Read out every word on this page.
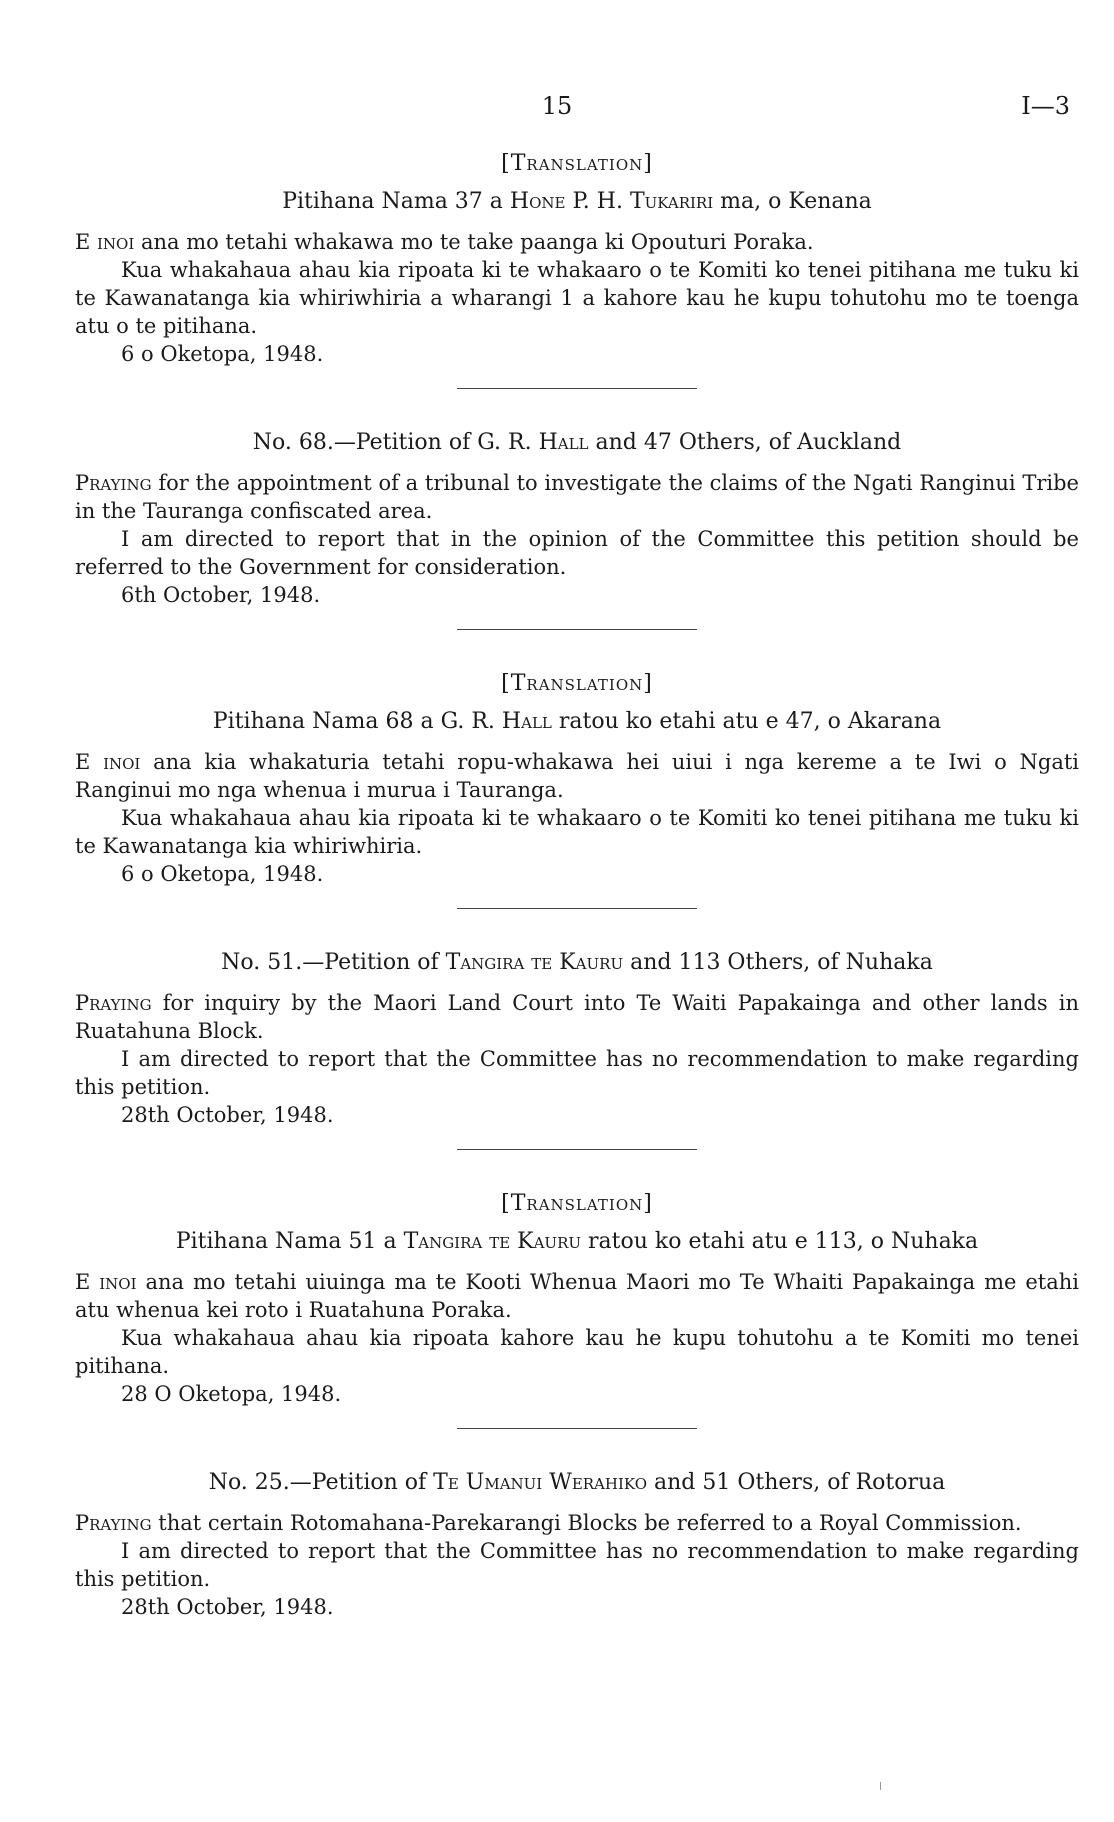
15	I—3

[Translation]

Pitihana Nama 37 a Hone P. H. Tukariri ma, o Kenana

E inoi ana mo tetahi whakawa mo te take paanga ki Opouturi Poraka.

Kua whakahaua ahau kia ripoata ki te whakaaro o te Komiti ko tenei pitihana me tuku ki te Kawanatanga kia whiriwhiria a wharangi 1 a kahore kau he kupu tohutohu mo te toenga atu o te pitihana.

6 o Oketopa, 1948.

No. 68.—Petition of G. R. Hall and 47 Others, of Auckland

Praying for the appointment of a tribunal to investigate the claims of the Ngati Ranginui Tribe in the Tauranga confiscated area.

I am directed to report that in the opinion of the Committee this petition should be referred to the Government for consideration.

6th October, 1948.

[Translation]

Pitihana Nama 68 a G. R. Hall ratou ko etahi atu e 47, o Akarana

E inoi ana kia whakaturia tetahi ropu-whakawa hei uiui i nga kereme a te Iwi o Ngati Ranginui mo nga whenua i murua i Tauranga.

Kua whakahaua ahau kia ripoata ki te whakaaro o te Komiti ko tenei pitihana me tuku ki te Kawanatanga kia whiriwhiria.

6 o Oketopa, 1948.

No. 51.—Petition of Tangira te Kauru and 113 Others, of Nuhaka

Praying for inquiry by the Maori Land Court into Te Waiti Papakainga and other lands in Ruatahuna Block.

I am directed to report that the Committee has no recommendation to make regarding this petition.

28th October, 1948.

[Translation]

Pitihana Nama 51 a Tangira te Kauru ratou ko etahi atu e 113, o Nuhaka

E inoi ana mo tetahi uiuinga ma te Kooti Whenua Maori mo Te Whaiti Papakainga me etahi atu whenua kei roto i Ruatahuna Poraka.

Kua whakahaua ahau kia ripoata kahore kau he kupu tohutohu a te Komiti mo tenei pitihana.

28 O Oketopa, 1948.

No. 25.—Petition of Te Umanui Werahiko and 51 Others, of Rotorua

Praying that certain Rotomahana-Parekarangi Blocks be referred to a Royal Commission.

I am directed to report that the Committee has no recommendation to make regarding this petition.

28th October, 1948.
